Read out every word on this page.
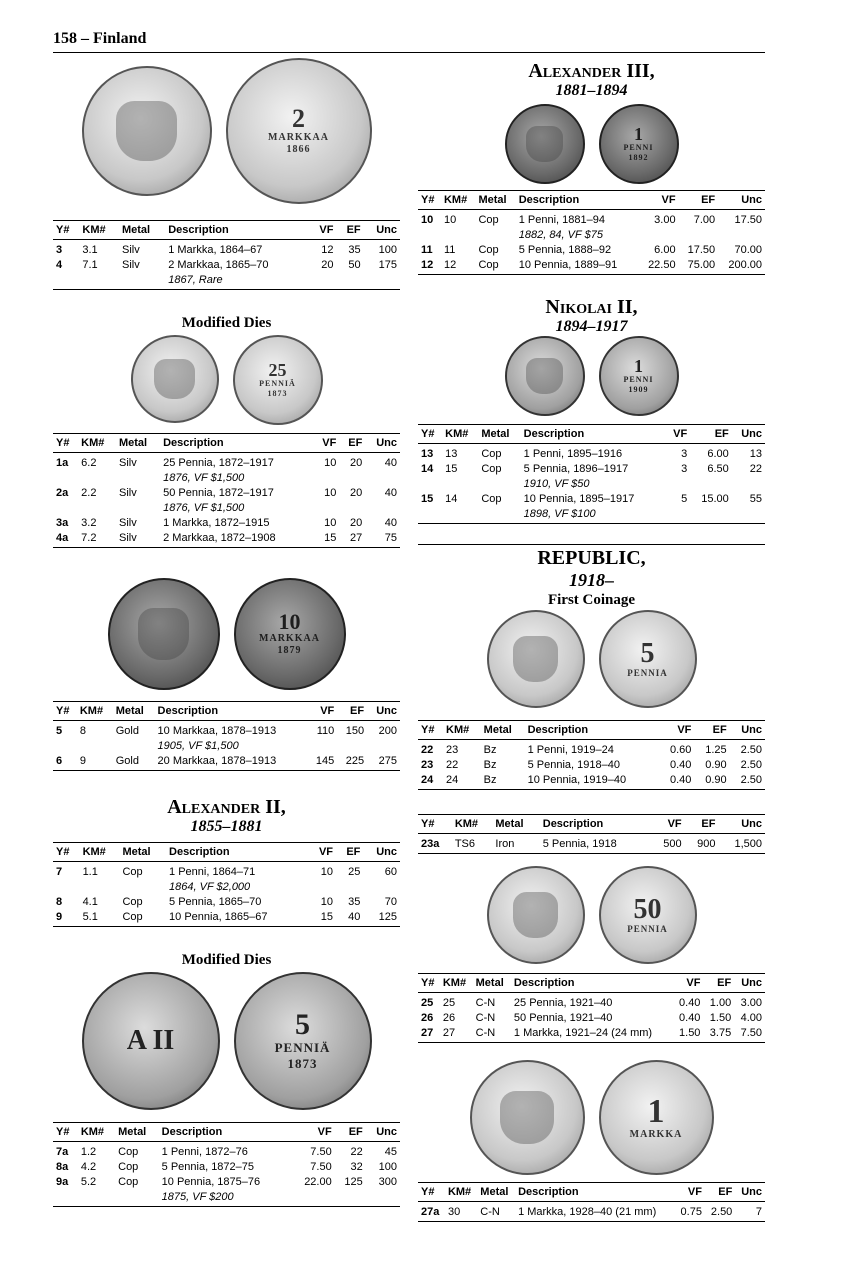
158 – Finland
2
MARKKAA
1866
Y#	KM#	Metal	Description	VF	EF	Unc

3	3.1	Silv	1 Markka, 1864–67	12	35	100
4	7.1	Silv	2 Markkaa, 1865–70	20	50	175
			1867, Rare			
Modified Dies
25
PENNIÄ
1873
Y#	KM#	Metal	Description	VF	EF	Unc

1a	6.2	Silv	25 Pennia, 1872–1917	10	20	40
			1876, VF $1,500			
2a	2.2	Silv	50 Pennia, 1872–1917	10	20	40
			1876, VF $1,500			
3a	3.2	Silv	1 Markka, 1872–1915	10	20	40
4a	7.2	Silv	2 Markkaa, 1872–1908	15	27	75
10
MARKKAA
1879
Y#	KM#	Metal	Description	VF	EF	Unc

5	8	Gold	10 Markkaa, 1878–1913	110	150	200
			1905, VF $1,500			
6	9	Gold	20 Markkaa, 1878–1913	145	225	275
Alexander II,
1855–1881
Y#	KM#	Metal	Description	VF	EF	Unc

7	1.1	Cop	1 Penni, 1864–71	10	25	60
			1864, VF $2,000			
8	4.1	Cop	5 Pennia, 1865–70	10	35	70
9	5.1	Cop	10 Pennia, 1865–67	15	40	125
Modified Dies
A II	5
PENNIÄ
1873
Y#	KM#	Metal	Description	VF	EF	Unc

7a	1.2	Cop	1 Penni, 1872–76	7.50	22	45
8a	4.2	Cop	5 Pennia, 1872–75	7.50	32	100
9a	5.2	Cop	10 Pennia, 1875–76	22.00	125	300
			1875, VF $200			
Alexander III,
1881–1894
1
PENNI
1892
Y#	KM#	Metal	Description	VF	EF	Unc

10	10	Cop	1 Penni, 1881–94	3.00	7.00	17.50
			1882, 84, VF $75			
11	11	Cop	5 Pennia, 1888–92	6.00	17.50	70.00
12	12	Cop	10 Pennia, 1889–91	22.50	75.00	200.00
Nikolai II,
1894–1917
1
PENNI
1909
Y#	KM#	Metal	Description	VF	EF	Unc

13	13	Cop	1 Penni, 1895–1916	3	6.00	13
14	15	Cop	5 Pennia, 1896–1917	3	6.50	22
			1910, VF $50			
15	14	Cop	10 Pennia, 1895–1917	5	15.00	55
			1898, VF $100			
REPUBLIC,
1918–
First Coinage
5
PENNIA
Y#	KM#	Metal	Description	VF	EF	Unc

22	23	Bz	1 Penni, 1919–24	0.60	1.25	2.50
23	22	Bz	5 Pennia, 1918–40	0.40	0.90	2.50
24	24	Bz	10 Pennia, 1919–40	0.40	0.90	2.50
Y#	KM#	Metal	Description	VF	EF	Unc

23a	TS6	Iron	5 Pennia, 1918	500	900	1,500
50
PENNIA
Y#	KM#	Metal	Description	VF	EF	Unc

25	25	C-N	25 Pennia, 1921–40	0.40	1.00	3.00
26	26	C-N	50 Pennia, 1921–40	0.40	1.50	4.00
27	27	C-N	1 Markka, 1921–24 (24 mm)	1.50	3.75	7.50
1
MARKKA
Y#	KM#	Metal	Description	VF	EF	Unc

27a	30	C-N	1 Markka, 1928–40 (21 mm)	0.75	2.50	7
